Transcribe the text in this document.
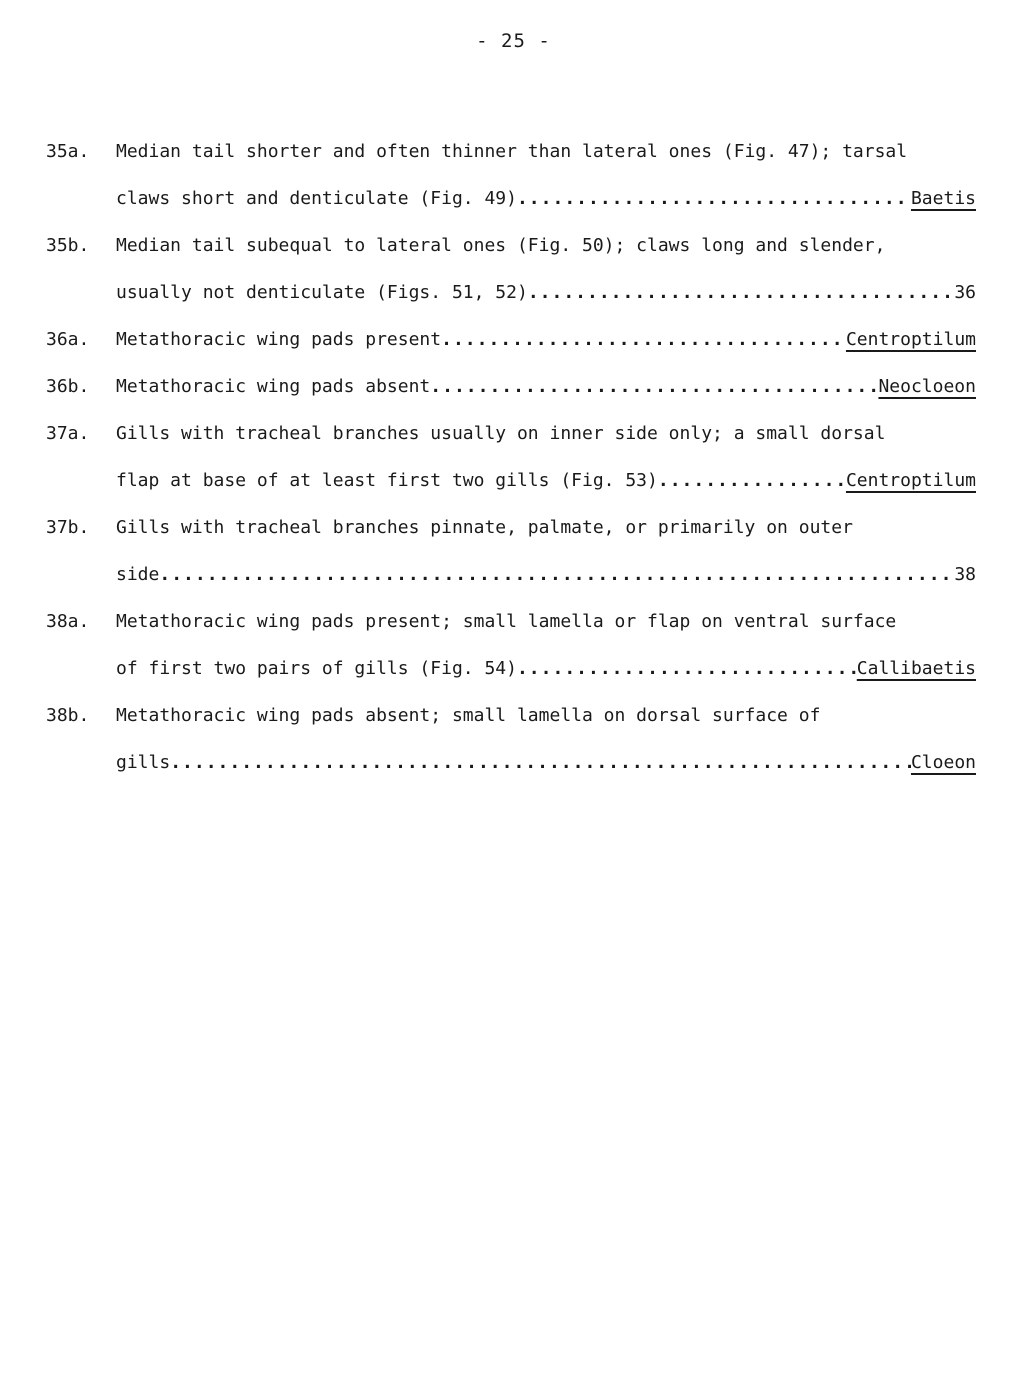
- 25 -
35a. Median tail shorter and often thinner than lateral ones (Fig. 47); tarsal
claws short and denticulate (Fig. 49) .....	Baetis
35b. Median tail subequal to lateral ones (Fig. 50); claws long and slender,
usually not denticulate (Figs. 51, 52) .....	36
36a. Metathoracic wing pads present .....	Centroptilum
36b. Metathoracic wing pads absent .....	Neocloeon
37a. Gills with tracheal branches usually on inner side only; a small dorsal
flap at base of at least first two gills (Fig. 53) .....	Centroptilum
37b. Gills with tracheal branches pinnate, palmate, or primarily on outer
side .....	38
38a. Metathoracic wing pads present; small lamella or flap on ventral surface
of first two pairs of gills (Fig. 54) .....	Callibaetis
38b. Metathoracic wing pads absent; small lamella on dorsal surface of
gills .....	Cloeon
